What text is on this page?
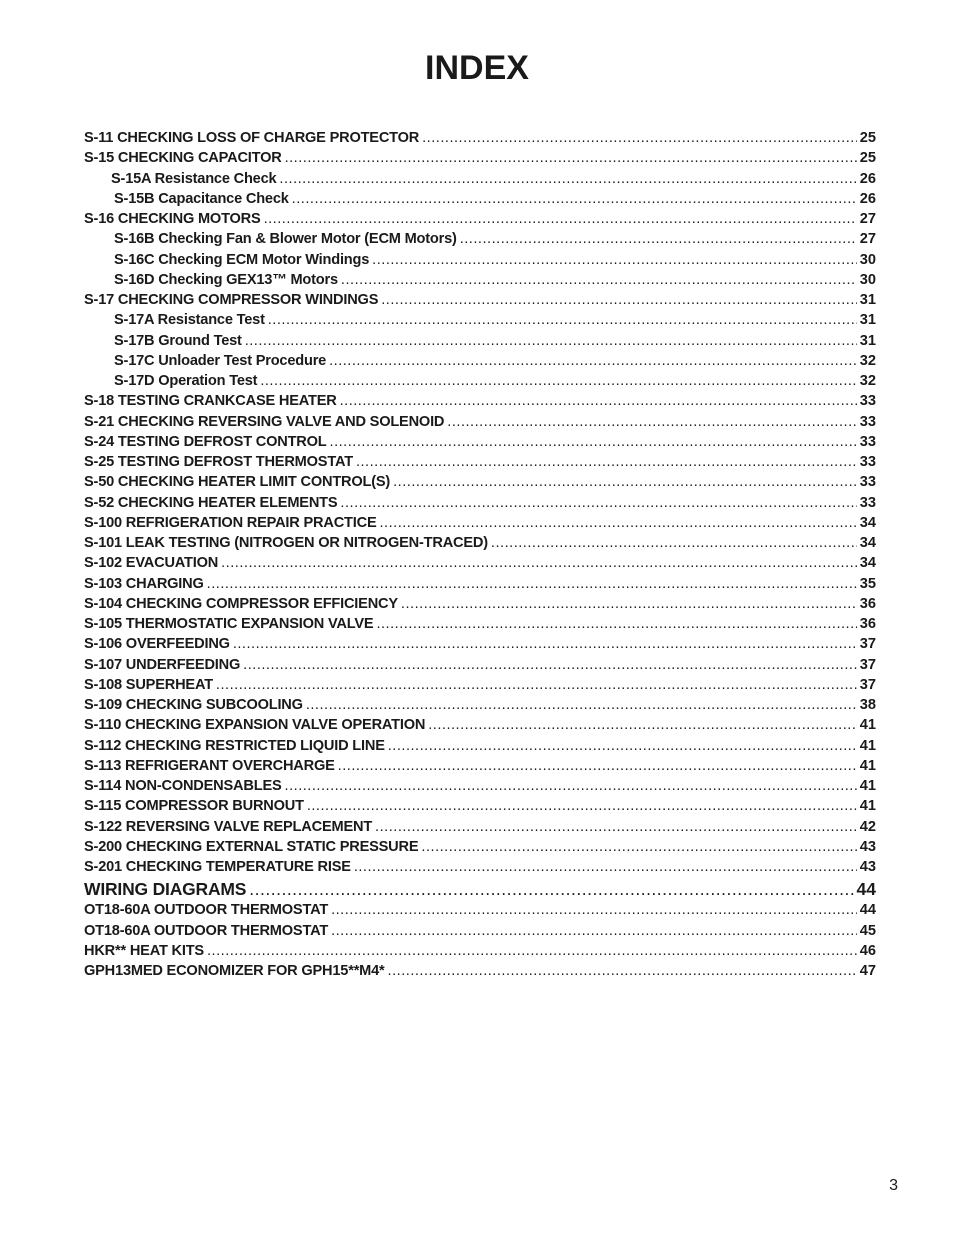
INDEX
S-11 CHECKING LOSS OF CHARGE PROTECTOR .....	25
S-15 CHECKING CAPACITOR .....	25
S-15A Resistance Check .....	26
S-15B Capacitance Check .....	26
S-16 CHECKING MOTORS .....	27
S-16B Checking Fan & Blower Motor (ECM Motors) .....	27
S-16C Checking ECM Motor Windings .....	30
S-16D Checking GEX13™ Motors .....	30
S-17 CHECKING COMPRESSOR WINDINGS .....	31
S-17A Resistance Test .....	31
S-17B Ground Test .....	31
S-17C Unloader Test Procedure .....	32
S-17D Operation Test .....	32
S-18 TESTING CRANKCASE HEATER .....	33
S-21 CHECKING REVERSING VALVE AND SOLENOID .....	33
S-24 TESTING DEFROST CONTROL .....	33
S-25 TESTING DEFROST THERMOSTAT .....	33
S-50 CHECKING HEATER LIMIT CONTROL(S) .....	33
S-52 CHECKING HEATER ELEMENTS .....	33
S-100 REFRIGERATION REPAIR PRACTICE .....	34
S-101 LEAK TESTING (NITROGEN OR NITROGEN-TRACED) .....	34
S-102 EVACUATION .....	34
S-103 CHARGING .....	35
S-104 CHECKING COMPRESSOR EFFICIENCY .....	36
S-105 THERMOSTATIC EXPANSION VALVE .....	36
S-106 OVERFEEDING .....	37
S-107 UNDERFEEDING .....	37
S-108 SUPERHEAT .....	37
S-109 CHECKING SUBCOOLING .....	38
S-110 CHECKING EXPANSION VALVE OPERATION .....	41
S-112 CHECKING RESTRICTED LIQUID LINE .....	41
S-113 REFRIGERANT OVERCHARGE .....	41
S-114 NON-CONDENSABLES .....	41
S-115 COMPRESSOR BURNOUT .....	41
S-122 REVERSING VALVE REPLACEMENT .....	42
S-200 CHECKING EXTERNAL STATIC PRESSURE .....	43
S-201 CHECKING TEMPERATURE RISE .....	43
WIRING DIAGRAMS .....	44
OT18-60A OUTDOOR THERMOSTAT .....	44
OT18-60A OUTDOOR THERMOSTAT .....	45
HKR** HEAT KITS .....	46
GPH13MED ECONOMIZER FOR GPH15**M4* .....	47
3
